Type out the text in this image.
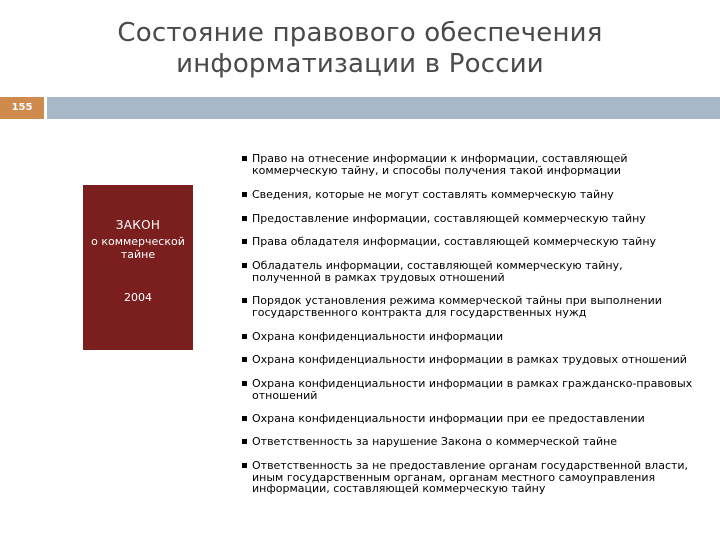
Состояние правового обеспечения
информатизации в России
155
ЗАКОН
о коммерческой
тайне
2004
Право на отнесение информации к информации, составляющей
коммерческую тайну, и способы получения такой информации
Сведения, которые не могут составлять коммерческую тайну
Предоставление информации, составляющей коммерческую тайну
Права обладателя информации, составляющей коммерческую тайну
Обладатель информации, составляющей коммерческую тайну,
полученной в рамках трудовых отношений
Порядок установления режима коммерческой тайны при выполнении
государственного контракта для государственных нужд
Охрана конфиденциальности информации
Охрана конфиденциальности информации в рамках трудовых отношений
Охрана конфиденциальности информации в рамках гражданско-правовых
отношений
Охрана конфиденциальности информации при ее предоставлении
Ответственность за нарушение Закона о коммерческой тайне
Ответственность за не предоставление органам государственной власти,
иным государственным органам, органам местного самоуправления
информации, составляющей коммерческую тайну
